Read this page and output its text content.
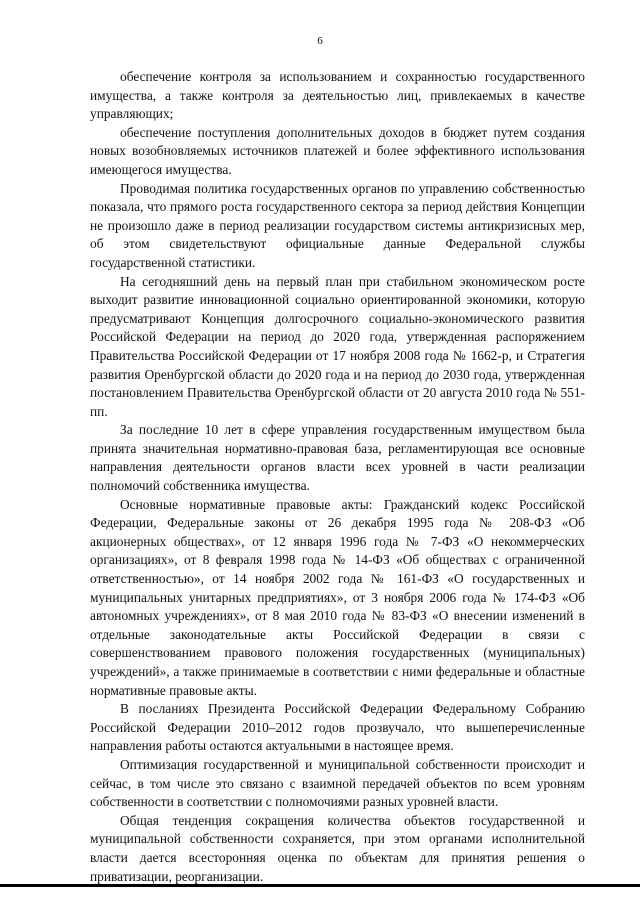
6

обеспечение контроля за использованием и сохранностью государственного имущества, а также контроля за деятельностью лиц, привлекаемых в качестве управляющих;

обеспечение поступления дополнительных доходов в бюджет путем создания новых возобновляемых источников платежей и более эффективного использования имеющегося имущества.

Проводимая политика государственных органов по управлению собственностью показала, что прямого роста государственного сектора за период действия Концепции не произошло даже в период реализации государством системы антикризисных мер, об этом свидетельствуют официальные данные Федеральной службы государственной статистики.

На сегодняшний день на первый план при стабильном экономическом росте выходит развитие инновационной социально ориентированной экономики, которую предусматривают Концепция долгосрочного социально-экономического развития Российской Федерации на период до 2020 года, утвержденная распоряжением Правительства Российской Федерации от 17 ноября 2008 года № 1662-р, и Стратегия развития Оренбургской области до 2020 года и на период до 2030 года, утвержденная постановлением Правительства Оренбургской области от 20 августа 2010 года № 551-пп.

За последние 10 лет в сфере управления государственным имуществом была принята значительная нормативно-правовая база, регламентирующая все основные направления деятельности органов власти всех уровней в части реализации полномочий собственника имущества.

Основные нормативные правовые акты: Гражданский кодекс Российской Федерации, Федеральные законы от 26 декабря 1995 года № 208-ФЗ «Об акционерных обществах», от 12 января 1996 года № 7-ФЗ «О некоммерческих организациях», от 8 февраля 1998 года № 14-ФЗ «Об обществах с ограниченной ответственностью», от 14 ноября 2002 года № 161-ФЗ «О государственных и муниципальных унитарных предприятиях», от 3 ноября 2006 года № 174-ФЗ «Об автономных учреждениях», от 8 мая 2010 года № 83-ФЗ «О внесении изменений в отдельные законодательные акты Российской Федерации в связи с совершенствованием правового положения государственных (муниципальных) учреждений», а также принимаемые в соответствии с ними федеральные и областные нормативные правовые акты.

В посланиях Президента Российской Федерации Федеральному Собранию Российской Федерации 2010–2012 годов прозвучало, что вышеперечисленные направления работы остаются актуальными в настоящее время.

Оптимизация государственной и муниципальной собственности происходит и сейчас, в том числе это связано с взаимной передачей объектов по всем уровням собственности в соответствии с полномочиями разных уровней власти.

Общая тенденция сокращения количества объектов государственной и муниципальной собственности сохраняется, при этом органами исполнительной власти дается всесторонняя оценка по объектам для принятия решения о приватизации, реорганизации.
